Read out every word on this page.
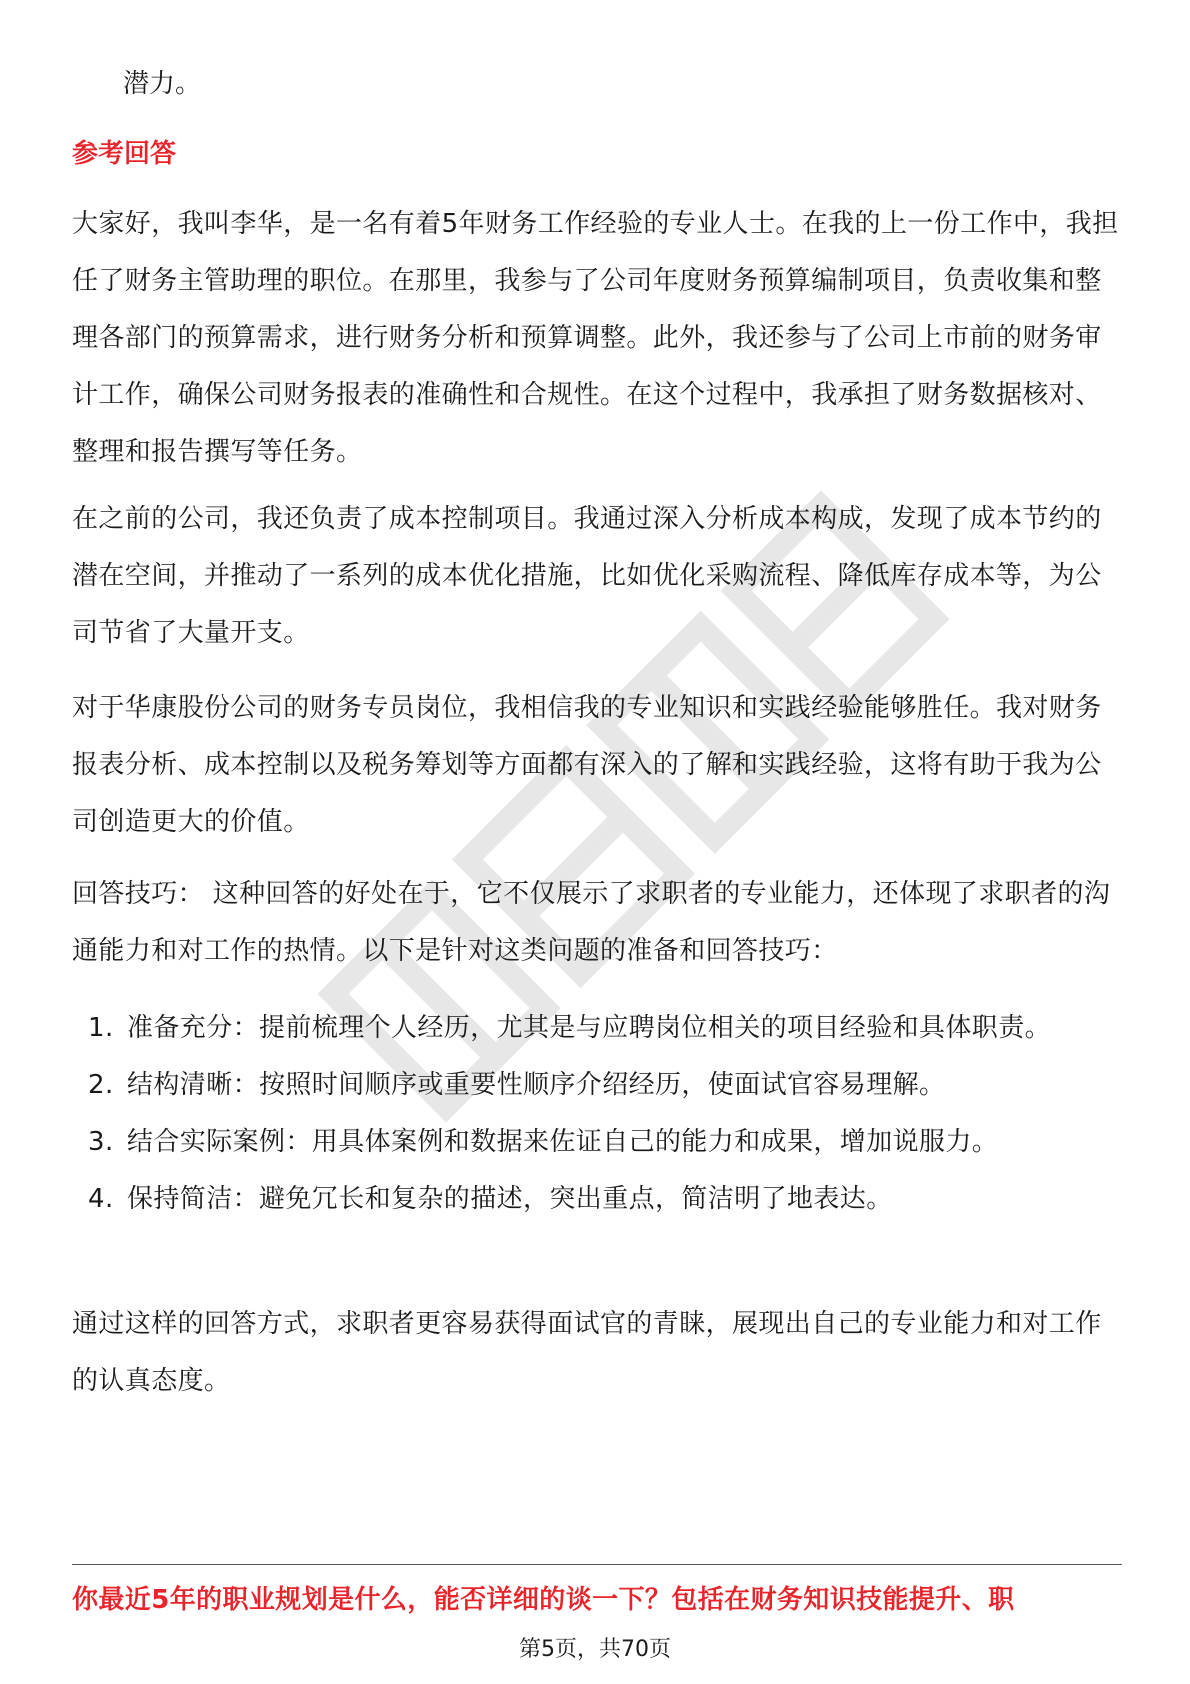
潜力。

参考回答

大家好，我叫李华，是一名有着5年财务工作经验的专业人士。在我的上一份工作中，我担任了财务主管助理的职位。在那里，我参与了公司年度财务预算编制项目，负责收集和整理各部门的预算需求，进行财务分析和预算调整。此外，我还参与了公司上市前的财务审计工作，确保公司财务报表的准确性和合规性。在这个过程中，我承担了财务数据核对、整理和报告撰写等任务。

在之前的公司，我还负责了成本控制项目。我通过深入分析成本构成，发现了成本节约的潜在空间，并推动了一系列的成本优化措施，比如优化采购流程、降低库存成本等，为公司节省了大量开支。

对于华康股份公司的财务专员岗位，我相信我的专业知识和实践经验能够胜任。我对财务报表分析、成本控制以及税务筹划等方面都有深入的了解和实践经验，这将有助于我为公司创造更大的价值。

回答技巧： 这种回答的好处在于，它不仅展示了求职者的专业能力，还体现了求职者的沟通能力和对工作的热情。以下是针对这类问题的准备和回答技巧：

1. 准备充分：提前梳理个人经历，尤其是与应聘岗位相关的项目经验和具体职责。
2. 结构清晰：按照时间顺序或重要性顺序介绍经历，使面试官容易理解。
3. 结合实际案例：用具体案例和数据来佐证自己的能力和成果，增加说服力。
4. 保持简洁：避免冗长和复杂的描述，突出重点，简洁明了地表达。

通过这样的回答方式，求职者更容易获得面试官的青睐，展现出自己的专业能力和对工作的认真态度。

你最近5年的职业规划是什么，能否详细的谈一下？包括在财务知识技能提升、职
第5页，共70页
